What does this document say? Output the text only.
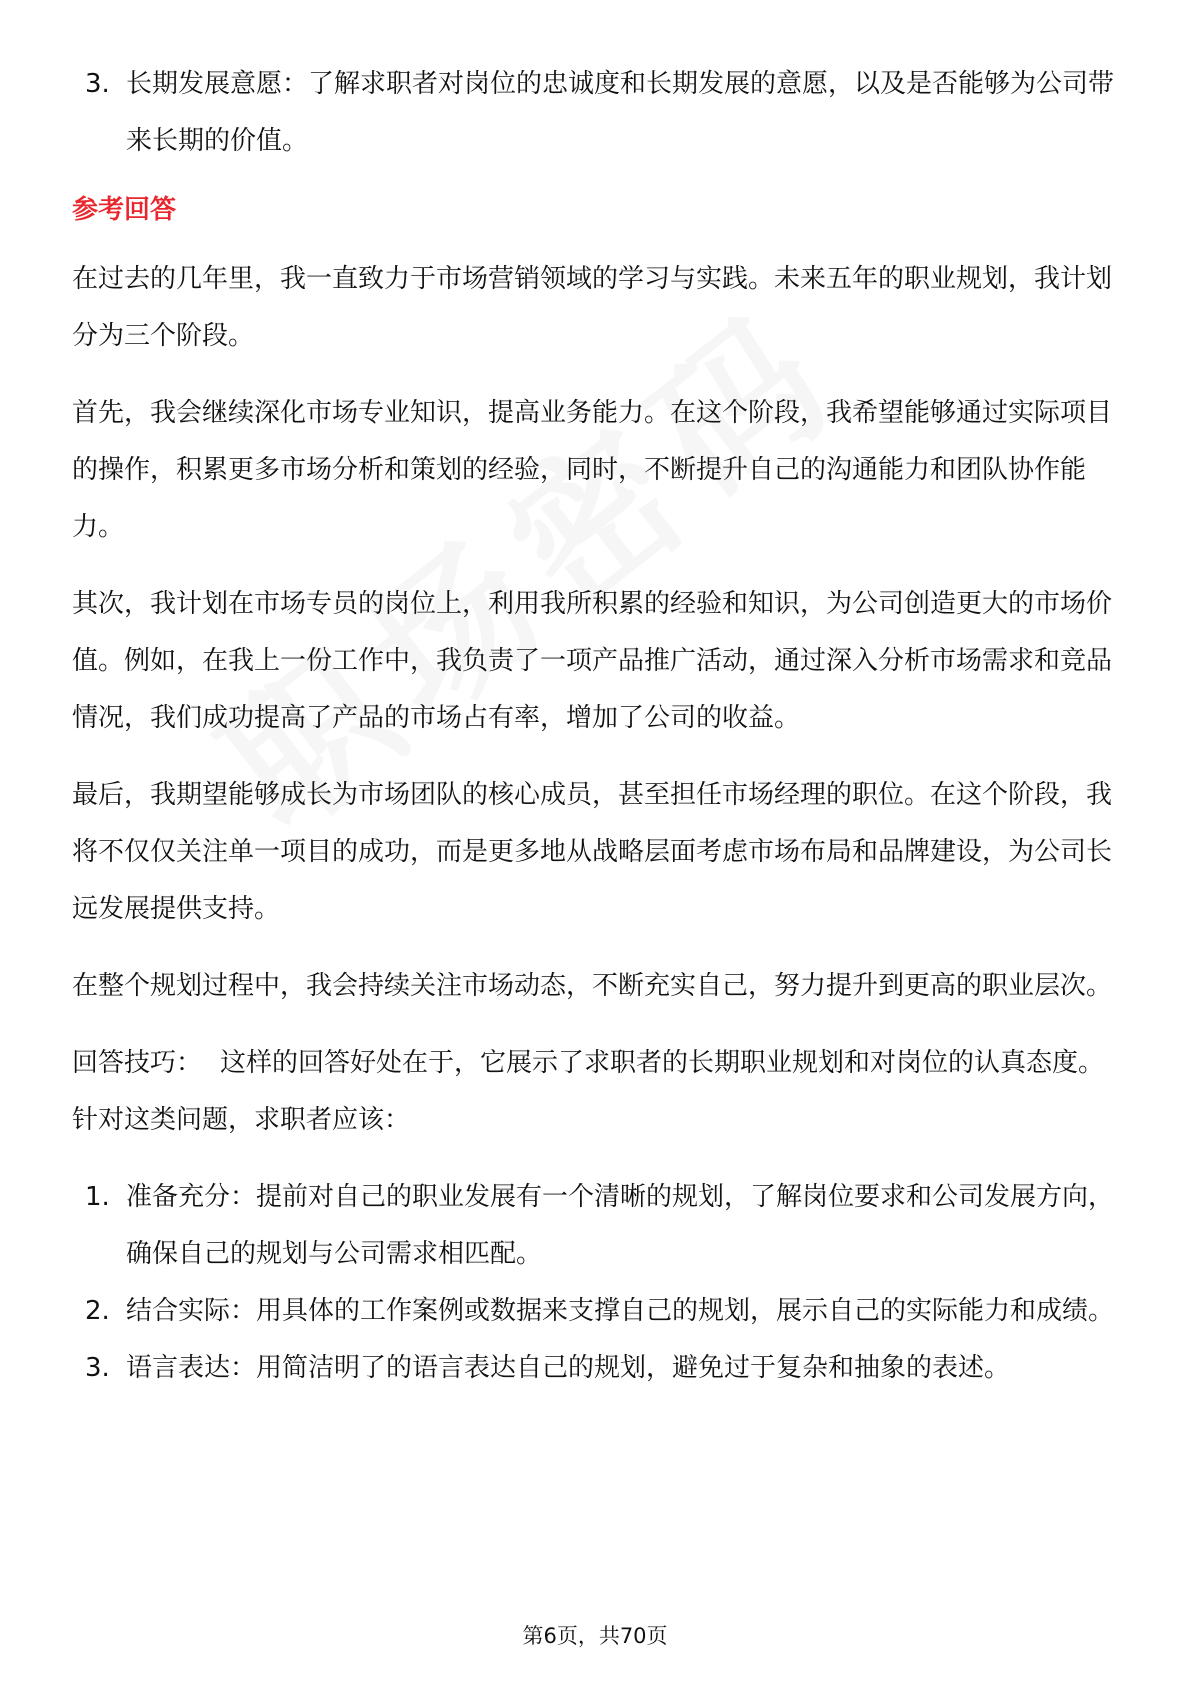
3. 长期发展意愿：了解求职者对岗位的忠诚度和长期发展的意愿，以及是否能够为公司带来长期的价值。
参考回答

在过去的几年里，我一直致力于市场营销领域的学习与实践。未来五年的职业规划，我计划分为三个阶段。

首先，我会继续深化市场专业知识，提高业务能力。在这个阶段，我希望能够通过实际项目的操作，积累更多市场分析和策划的经验，同时，不断提升自己的沟通能力和团队协作能力。

其次，我计划在市场专员的岗位上，利用我所积累的经验和知识，为公司创造更大的市场价值。例如，在我上一份工作中，我负责了一项产品推广活动，通过深入分析市场需求和竞品情况，我们成功提高了产品的市场占有率，增加了公司的收益。

最后，我期望能够成长为市场团队的核心成员，甚至担任市场经理的职位。在这个阶段，我将不仅仅关注单一项目的成功，而是更多地从战略层面考虑市场布局和品牌建设，为公司长远发展提供支持。

在整个规划过程中，我会持续关注市场动态，不断充实自己，努力提升到更高的职业层次。

回答技巧： 这样的回答好处在于，它展示了求职者的长期职业规划和对岗位的认真态度。针对这类问题，求职者应该：

1. 准备充分：提前对自己的职业发展有一个清晰的规划，了解岗位要求和公司发展方向，确保自己的规划与公司需求相匹配。
2. 结合实际：用具体的工作案例或数据来支撑自己的规划，展示自己的实际能力和成绩。
3. 语言表达：用简洁明了的语言表达自己的规划，避免过于复杂和抽象的表述。
第6页，共70页
